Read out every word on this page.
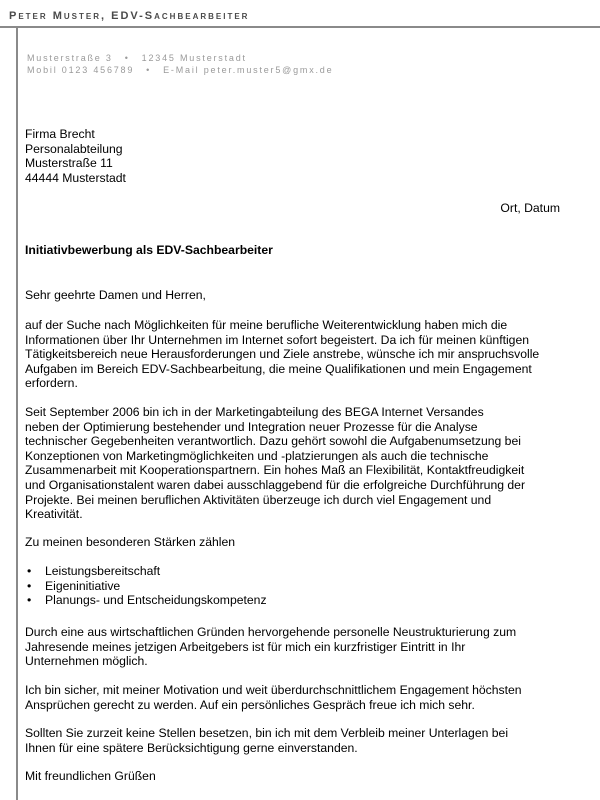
Peter Muster, EDV-Sachbearbeiter
Musterstraße 3 • 12345 Musterstadt
Mobil 0123 456789 • E-Mail peter.muster5@gmx.de
Firma Brecht
Personalabteilung
Musterstraße 11
44444 Musterstadt
Ort, Datum
Initiativbewerbung als EDV-Sachbearbeiter
Sehr geehrte Damen und Herren,
auf der Suche nach Möglichkeiten für meine berufliche Weiterentwicklung haben mich die
Informationen über Ihr Unternehmen im Internet sofort begeistert. Da ich für meinen künftigen
Tätigkeitsbereich neue Herausforderungen und Ziele anstrebe, wünsche ich mir anspruchsvolle
Aufgaben im Bereich EDV-Sachbearbeitung, die meine Qualifikationen und mein Engagement
erfordern.
Seit September 2006 bin ich in der Marketingabteilung des BEGA Internet Versandes
neben der Optimierung bestehender und Integration neuer Prozesse für die Analyse
technischer Gegebenheiten verantwortlich. Dazu gehört sowohl die Aufgabenumsetzung bei
Konzeptionen von Marketingmöglichkeiten und -platzierungen als auch die technische
Zusammenarbeit mit Kooperationspartnern. Ein hohes Maß an Flexibilität, Kontaktfreudigkeit
und Organisationstalent waren dabei ausschlaggebend für die erfolgreiche Durchführung der
Projekte. Bei meinen beruflichen Aktivitäten überzeuge ich durch viel Engagement und
Kreativität.
Zu meinen besonderen Stärken zählen
• Leistungsbereitschaft
• Eigeninitiative
• Planungs- und Entscheidungskompetenz
Durch eine aus wirtschaftlichen Gründen hervorgehende personelle Neustrukturierung zum
Jahresende meines jetzigen Arbeitgebers ist für mich ein kurzfristiger Eintritt in Ihr
Unternehmen möglich.
Ich bin sicher, mit meiner Motivation und weit überdurchschnittlichem Engagement höchsten
Ansprüchen gerecht zu werden. Auf ein persönliches Gespräch freue ich mich sehr.
Sollten Sie zurzeit keine Stellen besetzen, bin ich mit dem Verbleib meiner Unterlagen bei
Ihnen für eine spätere Berücksichtigung gerne einverstanden.
Mit freundlichen Grüßen
